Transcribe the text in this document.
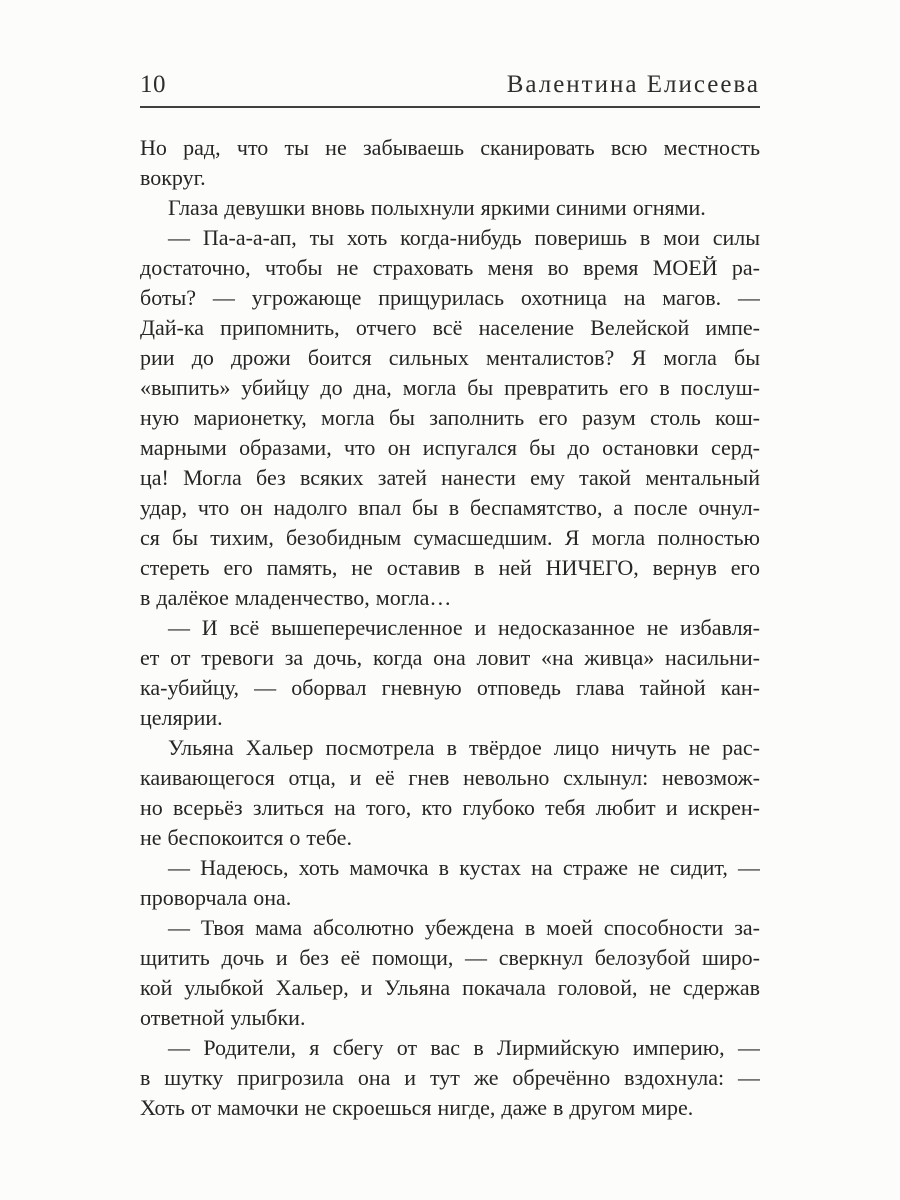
10	Валентина Елисеева
Но рад, что ты не забываешь сканировать всю местность
вокруг.
Глаза девушки вновь полыхнули яркими синими огнями.
— Па-а-а-ап, ты хоть когда-нибудь поверишь в мои силы
достаточно, чтобы не страховать меня во время МОЕЙ ра-
боты? — угрожающе прищурилась охотница на магов. —
Дай-ка припомнить, отчего всё население Велейской импе-
рии до дрожи боится сильных менталистов? Я могла бы
«выпить» убийцу до дна, могла бы превратить его в послуш-
ную марионетку, могла бы заполнить его разум столь кош-
марными образами, что он испугался бы до остановки серд-
ца! Могла без всяких затей нанести ему такой ментальный
удар, что он надолго впал бы в беспамятство, а после очнул-
ся бы тихим, безобидным сумасшедшим. Я могла полностью
стереть его память, не оставив в ней НИЧЕГО, вернув его
в далёкое младенчество, могла…
— И всё вышеперечисленное и недосказанное не избавля-
ет от тревоги за дочь, когда она ловит «на живца» насильни-
ка-убийцу, — оборвал гневную отповедь глава тайной кан-
целярии.
Ульяна Хальер посмотрела в твёрдое лицо ничуть не рас-
каивающегося отца, и её гнев невольно схлынул: невозмож-
но всерьёз злиться на того, кто глубоко тебя любит и искрен-
не беспокоится о тебе.
— Надеюсь, хоть мамочка в кустах на страже не сидит, —
проворчала она.
— Твоя мама абсолютно убеждена в моей способности за-
щитить дочь и без её помощи, — сверкнул белозубой широ-
кой улыбкой Хальер, и Ульяна покачала головой, не сдержав
ответной улыбки.
— Родители, я сбегу от вас в Лирмийскую империю, —
в шутку пригрозила она и тут же обречённо вздохнула: —
Хоть от мамочки не скроешься нигде, даже в другом мире.
